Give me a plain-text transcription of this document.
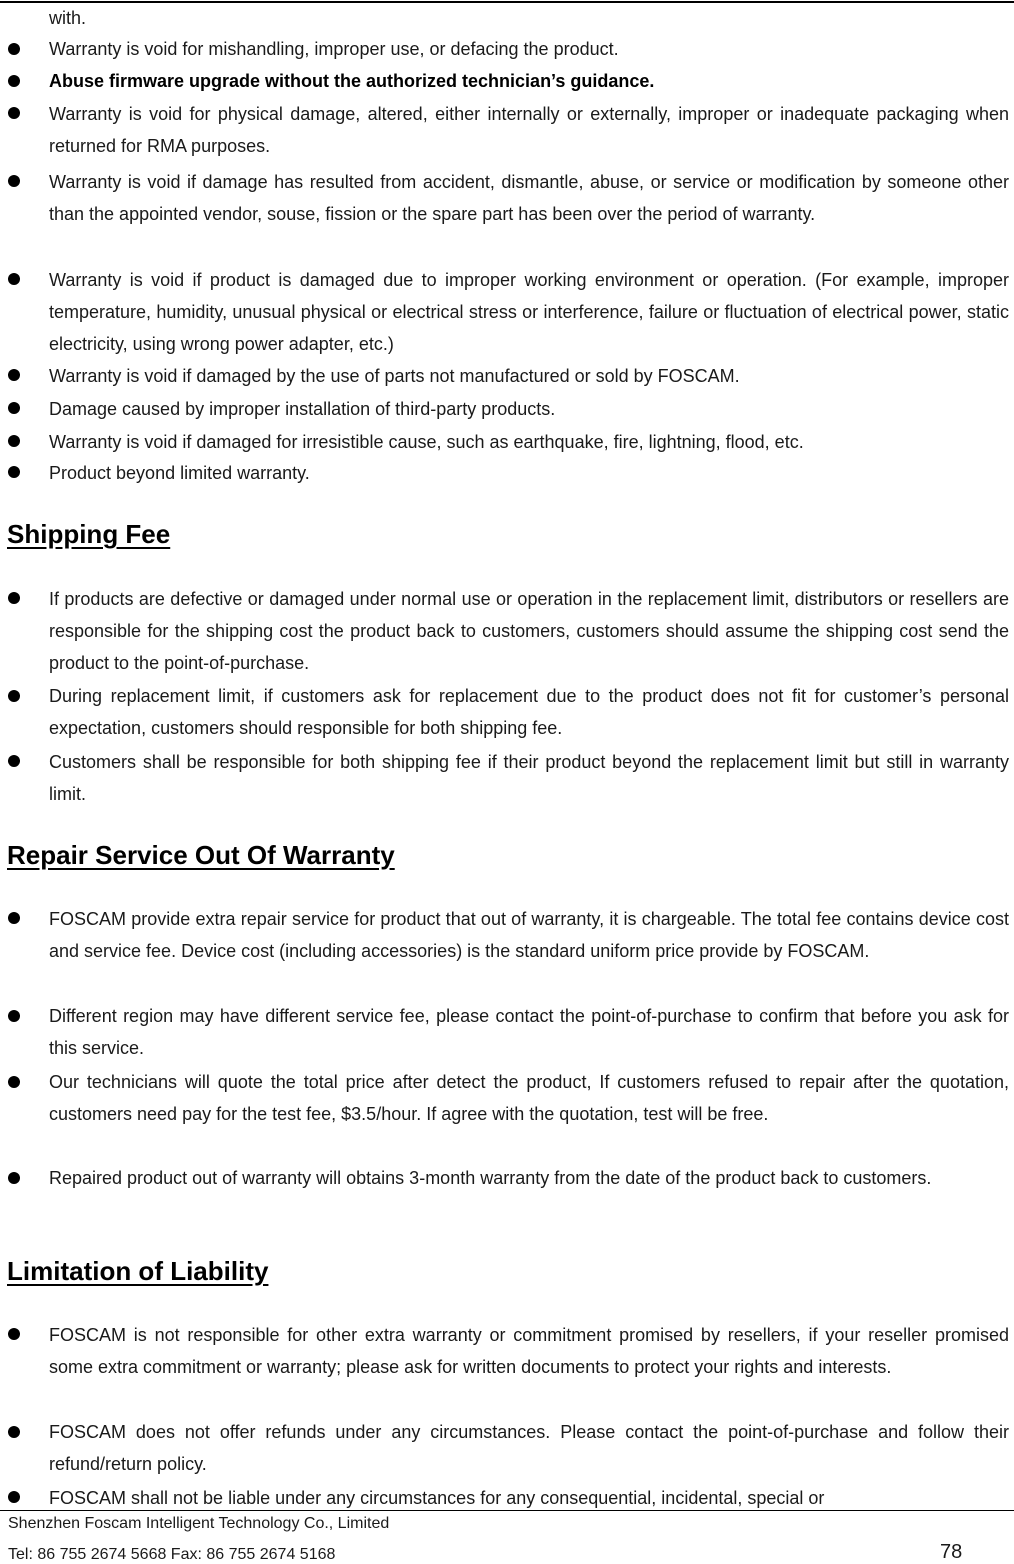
with.
Warranty is void for mishandling, improper use, or defacing the product.
Abuse firmware upgrade without the authorized technician’s guidance.
Warranty is void for physical damage, altered, either internally or externally, improper or inadequate packaging when returned for RMA purposes.
Warranty is void if damage has resulted from accident, dismantle, abuse, or service or modification by someone other than the appointed vendor, souse, fission or the spare part has been over the period of warranty.
Warranty is void if product is damaged due to improper working environment or operation. (For example, improper temperature, humidity, unusual physical or electrical stress or interference, failure or fluctuation of electrical power, static electricity, using wrong power adapter, etc.)
Warranty is void if damaged by the use of parts not manufactured or sold by FOSCAM.
Damage caused by improper installation of third-party products.
Warranty is void if damaged for irresistible cause, such as earthquake, fire, lightning, flood, etc.
Product beyond limited warranty.
Shipping Fee
If products are defective or damaged under normal use or operation in the replacement limit, distributors or resellers are responsible for the shipping cost the product back to customers, customers should assume the shipping cost send the product to the point-of-purchase.
During replacement limit, if customers ask for replacement due to the product does not fit for customer’s personal expectation, customers should responsible for both shipping fee.
Customers shall be responsible for both shipping fee if their product beyond the replacement limit but still in warranty limit.
Repair Service Out Of Warranty
FOSCAM provide extra repair service for product that out of warranty, it is chargeable. The total fee contains device cost and service fee. Device cost (including accessories) is the standard uniform price provide by FOSCAM.
Different region may have different service fee, please contact the point-of-purchase to confirm that before you ask for this service.
Our technicians will quote the total price after detect the product, If customers refused to repair after the quotation, customers need pay for the test fee, $3.5/hour. If agree with the quotation, test will be free.
Repaired product out of warranty will obtains 3-month warranty from the date of the product back to customers.
Limitation of Liability
FOSCAM is not responsible for other extra warranty or commitment promised by resellers, if your reseller promised some extra commitment or warranty; please ask for written documents to protect your rights and interests.
FOSCAM does not offer refunds under any circumstances. Please contact the point-of-purchase and follow their refund/return policy.
FOSCAM shall not be liable under any circumstances for any consequential, incidental, special or
Shenzhen Foscam Intelligent Technology Co., Limited
Tel: 86 755 2674 5668 Fax: 86 755 2674 5168	78
